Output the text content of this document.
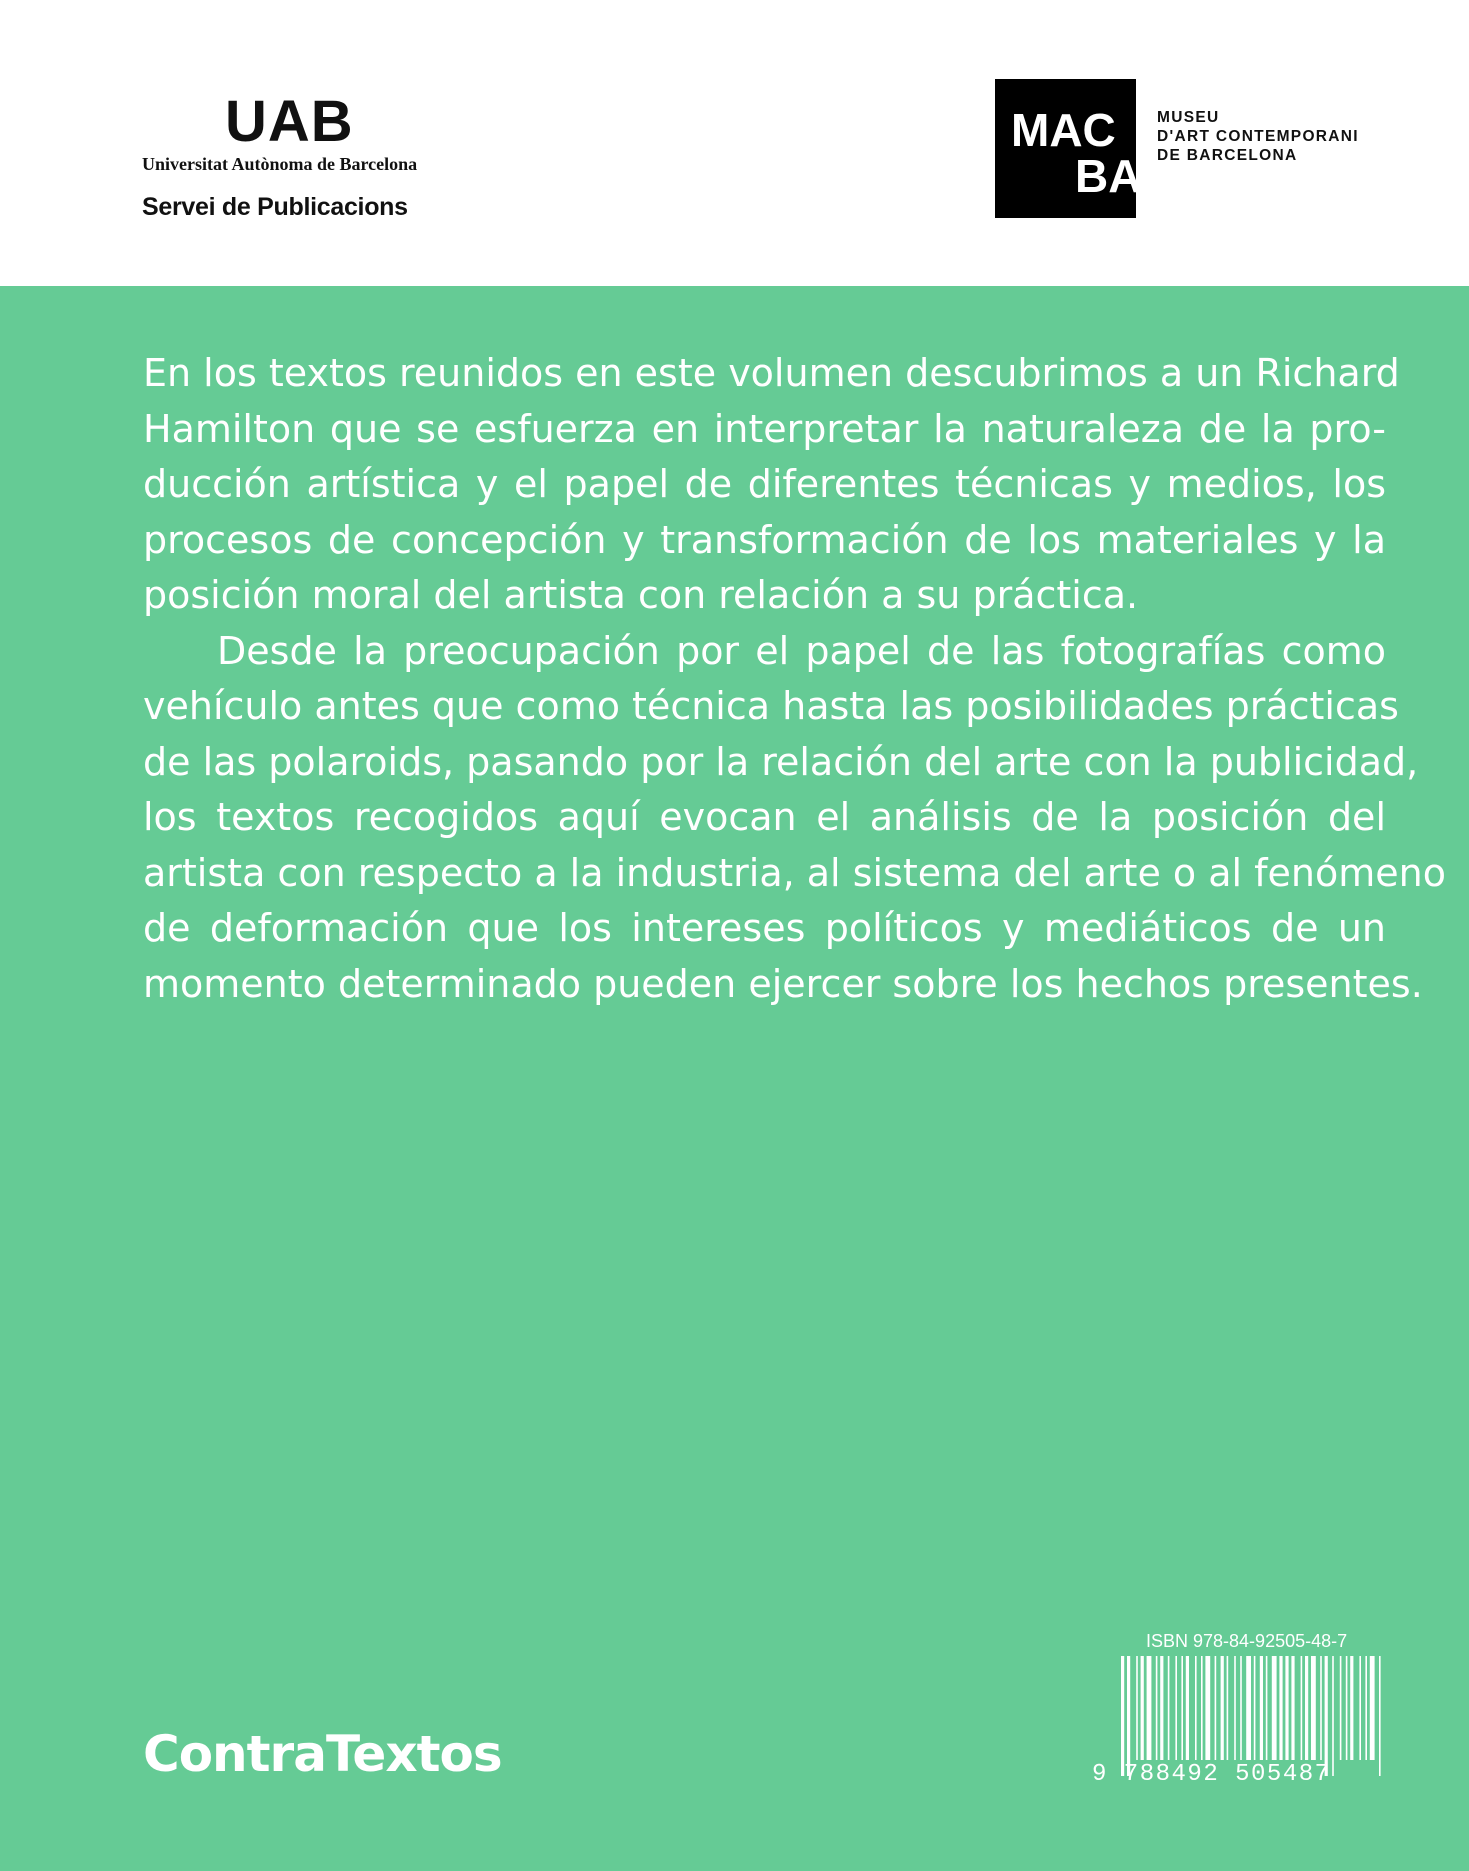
UAB
Universitat Autònoma de Barcelona
Servei de Publicacions
MAC
BA
MUSEU
D'ART CONTEMPORANI
DE BARCELONA
En los textos reunidos en este volumen descubrimos a un Richard
Hamilton que se esfuerza en interpretar la naturaleza de la pro-
ducción artística y el papel de diferentes técnicas y medios, los
procesos de concepción y transformación de los materiales y la
posición moral del artista con relación a su práctica.
Desde la preocupación por el papel de las fotografías como
vehículo antes que como técnica hasta las posibilidades prácticas
de las polaroids, pasando por la relación del arte con la publicidad,
los textos recogidos aquí evocan el análisis de la posición del
artista con respecto a la industria, al sistema del arte o al fenómeno
de deformación que los intereses políticos y mediáticos de un
momento determinado pueden ejercer sobre los hechos presentes.
ContraTextos
ISBN 978-84-92505-48-7
9 788492 505487
